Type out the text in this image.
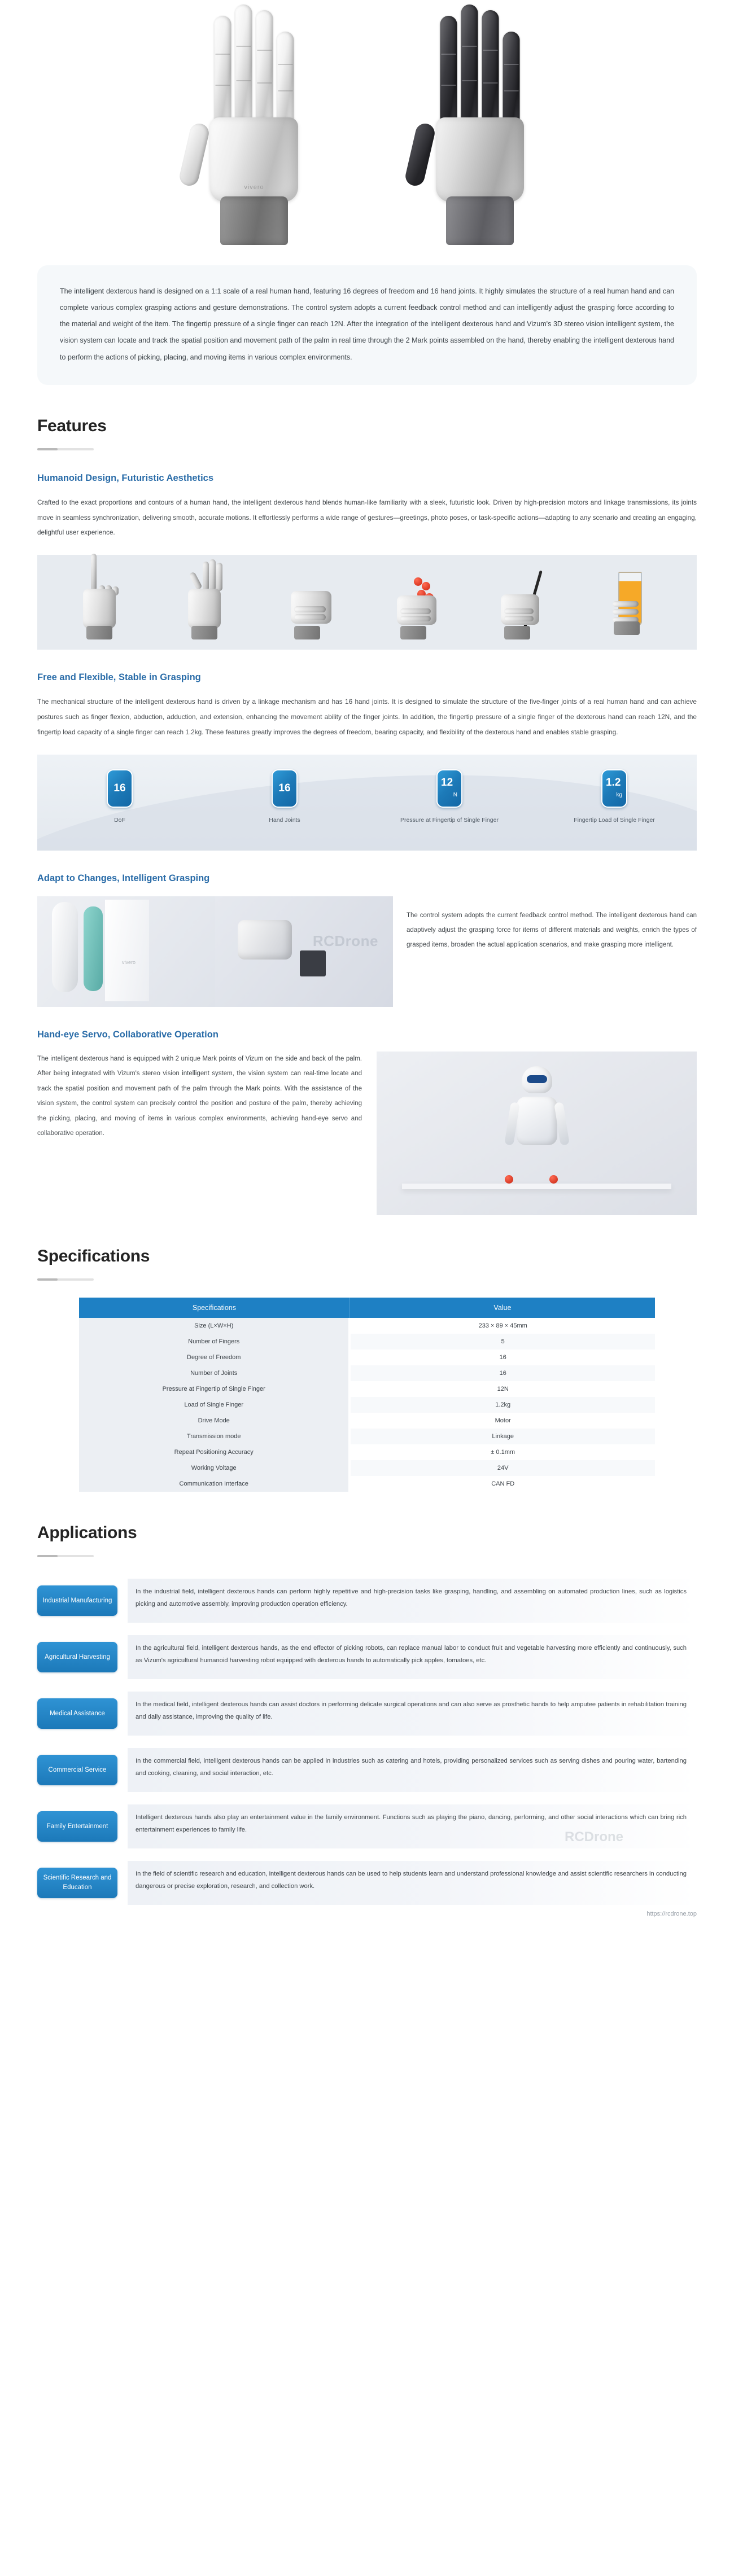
vivero

The intelligent dexterous hand is designed on a 1:1 scale of a real human hand, featuring 16 degrees of freedom and 16 hand joints. It highly simulates the structure of a real human hand and can complete various complex grasping actions and gesture demonstrations. The control system adopts a current feedback control method and can intelligently adjust the grasping force according to the material and weight of the item. The fingertip pressure of a single finger can reach 12N. After the integration of the intelligent dexterous hand and Vizum's 3D stereo vision intelligent system, the vision system can locate and track the spatial position and movement path of the palm in real time through the 2 Mark points assembled on the hand, thereby enabling the intelligent dexterous hand to perform the actions of picking, placing, and moving items in various complex environments.

Features
Humanoid Design, Futuristic Aesthetics
Crafted to the exact proportions and contours of a human hand, the intelligent dexterous hand blends human-like familiarity with a sleek, futuristic look. Driven by high-precision motors and linkage transmissions, its joints move in seamless synchronization, delivering smooth, accurate motions. It effortlessly performs a wide range of gestures—greetings, photo poses, or task-specific actions—adapting to any scenario and creating an engaging, delightful user experience.
Free and Flexible, Stable in Grasping
The mechanical structure of the intelligent dexterous hand is driven by a linkage mechanism and has 16 hand joints. It is designed to simulate the structure of the five-finger joints of a real human hand and can achieve postures such as finger flexion, abduction, adduction, and extension, enhancing the movement ability of the finger joints. In addition, the fingertip pressure of a single finger of the dexterous hand can reach 12N, and the fingertip load capacity of a single finger can reach 1.2kg. These features greatly improves the degrees of freedom, bearing capacity, and flexibility of the dexterous hand and enables stable grasping.
16
DoF
16
Hand Joints
12
N
Pressure at Fingertip of Single Finger
1.2
kg
Fingertip Load of Single Finger
Adapt to Changes, Intelligent Grasping
vivero
RCDrone
The control system adopts the current feedback control method. The intelligent dexterous hand can adaptively adjust the grasping force for items of different materials and weights, enrich the types of grasped items, broaden the actual application scenarios, and make grasping more intelligent.
Hand-eye Servo, Collaborative Operation
The intelligent dexterous hand is equipped with 2 unique Mark points of Vizum on the side and back of the palm. After being integrated with Vizum's stereo vision intelligent system, the vision system can real-time locate and track the spatial position and movement path of the palm through the Mark points. With the assistance of the vision system, the control system can precisely control the position and posture of the palm, thereby achieving the picking, placing, and moving of items in various complex environments, achieving hand-eye servo and collaborative operation.
Specifications
Specifications	Value
Size (L×W×H)	233 × 89 × 45mm
Number of Fingers	5
Degree of Freedom	16
Number of Joints	16
Pressure at Fingertip of Single Finger	12N
Load of Single Finger	1.2kg
Drive Mode	Motor
Transmission mode	Linkage
Repeat Positioning Accuracy	± 0.1mm
Working Voltage	24V
Communication Interface	CAN FD
Applications
Industrial Manufacturing
In the industrial field, intelligent dexterous hands can perform highly repetitive and high-precision tasks like grasping, handling, and assembling on automated production lines, such as logistics picking and automotive assembly, improving production operation efficiency.
Agricultural Harvesting
In the agricultural field, intelligent dexterous hands, as the end effector of picking robots, can replace manual labor to conduct fruit and vegetable harvesting more efficiently and continuously, such as Vizum's agricultural humanoid harvesting robot equipped with dexterous hands to automatically pick apples, tomatoes, etc.
Medical Assistance
In the medical field, intelligent dexterous hands can assist doctors in performing delicate surgical operations and can also serve as prosthetic hands to help amputee patients in rehabilitation training and daily assistance, improving the quality of life.
Commercial Service
In the commercial field, intelligent dexterous hands can be applied in industries such as catering and hotels, providing personalized services such as serving dishes and pouring water, bartending and cooking, cleaning, and social interaction, etc.
Family Entertainment
Intelligent dexterous hands also play an entertainment value in the family environment. Functions such as playing the piano, dancing, performing, and other social interactions which can bring rich entertainment experiences to family life.	RCDrone
Scientific Research and Education
In the field of scientific research and education, intelligent dexterous hands can be used to help students learn and understand professional knowledge and assist scientific researchers in conducting dangerous or precise exploration, research, and collection work.
https://rcdrone.top
